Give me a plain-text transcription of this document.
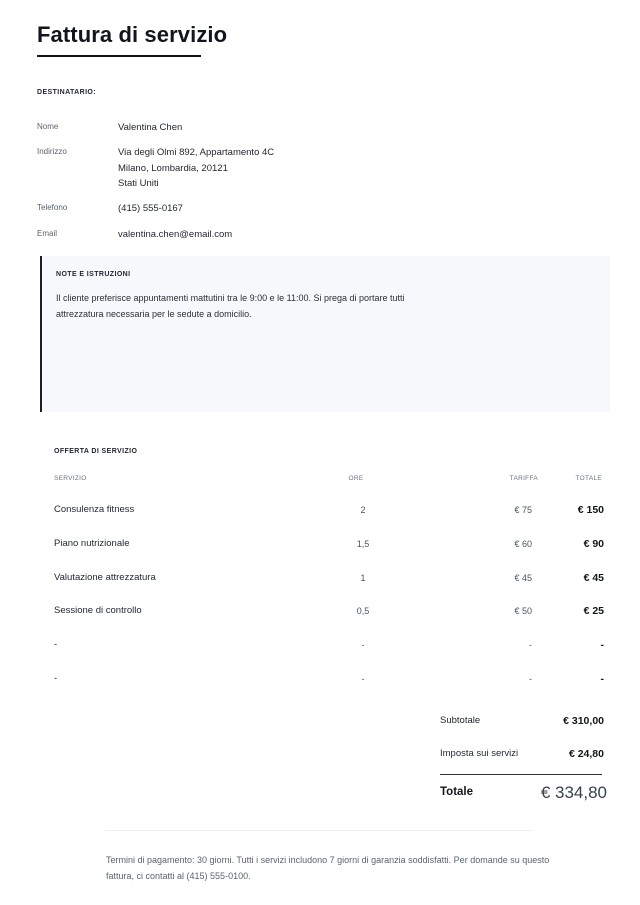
Fattura di servizio
DESTINATARIO:
Nome	Valentina Chen
Indirizzo	Via degli Olmi 892, Appartamento 4C
Milano, Lombardia, 20121
Stati Uniti
Telefono	(415) 555-0167
Email	valentina.chen@email.com
NOTE E ISTRUZIONI

Il cliente preferisce appuntamenti mattutini tra le 9:00 e le 11:00. Si prega di portare tutti attrezzatura necessaria per le sedute a domicilio.

OFFERTA DI SERVIZIO
SERVIZIO	ORE	TARIFFA	TOTALE
Consulenza fitness	2	€ 75	€ 150
Piano nutrizionale	1,5	€ 60	€ 90
Valutazione attrezzatura	1	€ 45	€ 45
Sessione di controllo	0,5	€ 50	€ 25
-	-	-	-
-	-	-	-
Subtotale	€ 310,00
Imposta sui servizi	€ 24,80
Totale	€ 334,80

Termini di pagamento: 30 giorni. Tutti i servizi includono 7 giorni di garanzia soddisfatti. Per domande su questo fattura, ci contatti al (415) 555-0100.
